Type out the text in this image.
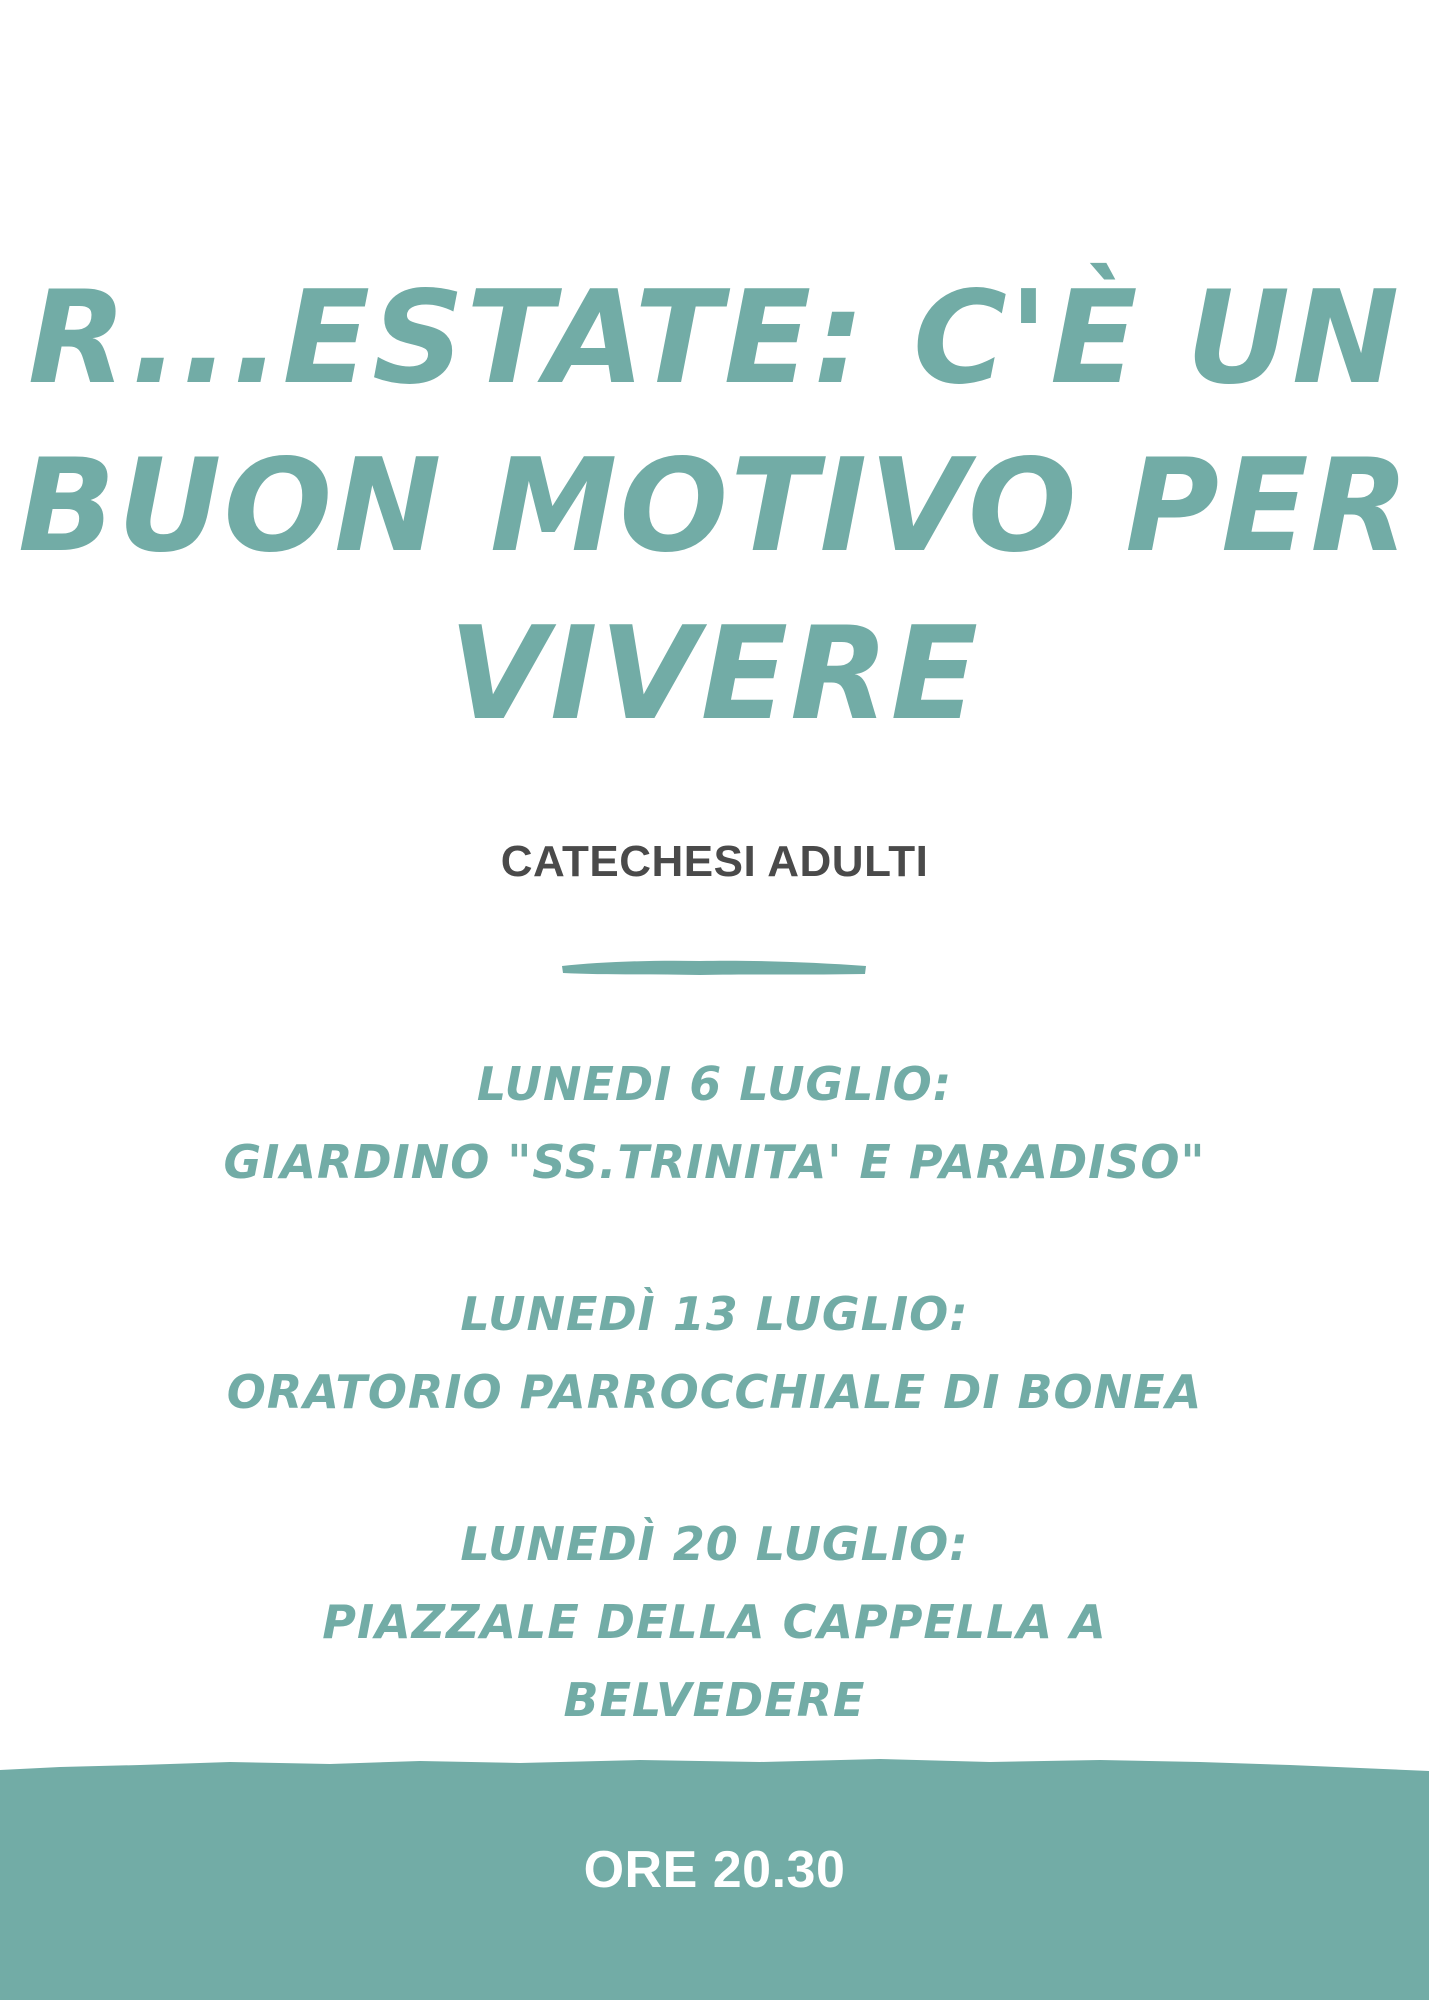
R...ESTATE: C'È UN
BUON MOTIVO PER
VIVERE
CATECHESI ADULTI
LUNEDI 6 LUGLIO:
GIARDINO "SS.TRINITA' E PARADISO"
LUNEDÌ 13 LUGLIO:
ORATORIO PARROCCHIALE DI BONEA
LUNEDÌ 20 LUGLIO:
PIAZZALE DELLA CAPPELLA A
BELVEDERE
ORE 20.30
